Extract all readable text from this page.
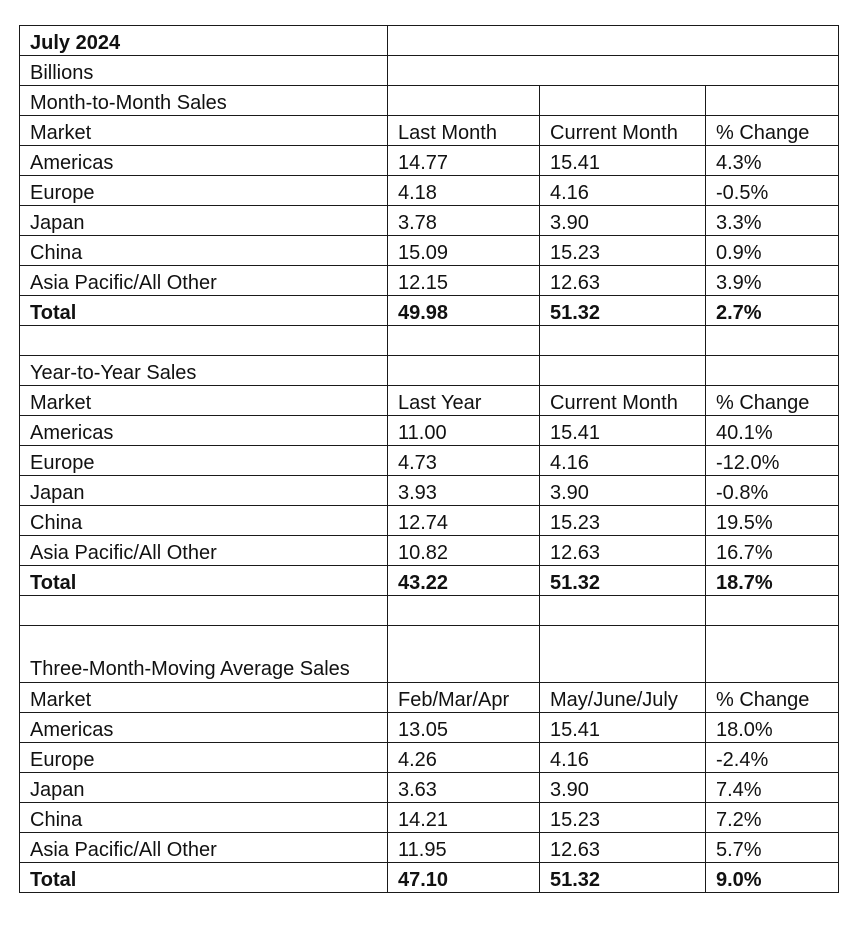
July 2024			
Billions			
Month-to-Month Sales			
Market	Last Month	Current Month	% Change
Americas	14.77	15.41	4.3%
Europe	4.18	4.16	-0.5%
Japan	3.78	3.90	3.3%
China	15.09	15.23	0.9%
Asia Pacific/All Other	12.15	12.63	3.9%
Total	49.98	51.32	2.7%

Year-to-Year Sales			
Market	Last Year	Current Month	% Change
Americas	11.00	15.41	40.1%
Europe	4.73	4.16	-12.0%
Japan	3.93	3.90	-0.8%
China	12.74	15.23	19.5%
Asia Pacific/All Other	10.82	12.63	16.7%
Total	43.22	51.32	18.7%

Three-Month-Moving Average Sales			
Market	Feb/Mar/Apr	May/June/July	% Change
Americas	13.05	15.41	18.0%
Europe	4.26	4.16	-2.4%
Japan	3.63	3.90	7.4%
China	14.21	15.23	7.2%
Asia Pacific/All Other	11.95	12.63	5.7%
Total	47.10	51.32	9.0%
